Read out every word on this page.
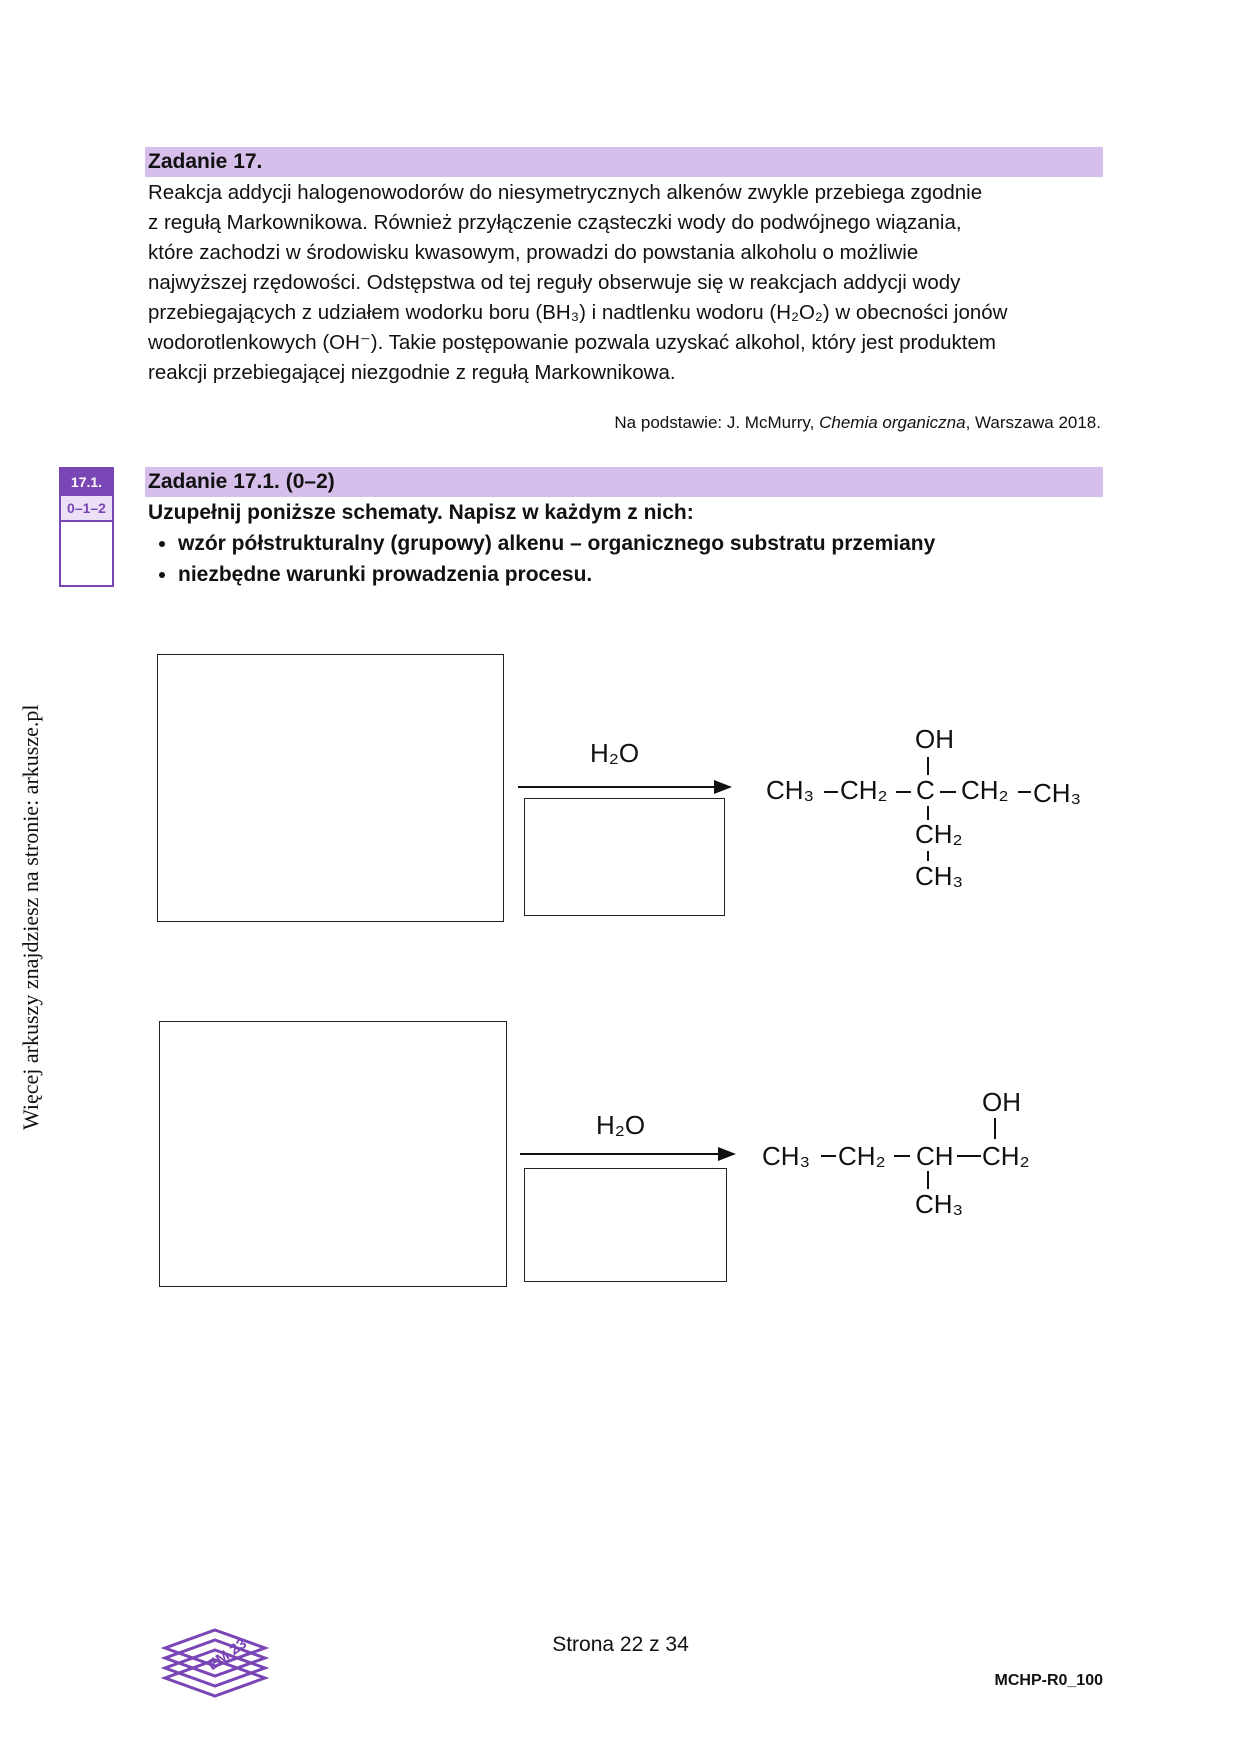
Więcej arkuszy znajdziesz na stronie: arkusze.pl
Zadanie 17.
Reakcja addycji halogenowodorów do niesymetrycznych alkenów zwykle przebiega zgodnie
z regułą Markownikowa. Również przyłączenie cząsteczki wody do podwójnego wiązania,
które zachodzi w środowisku kwasowym, prowadzi do powstania alkoholu o możliwie
najwyższej rzędowości. Odstępstwa od tej reguły obserwuje się w reakcjach addycji wody
przebiegających z udziałem wodorku boru (BH₃) i nadtlenku wodoru (H₂O₂) w obecności jonów
wodorotlenkowych (OH⁻). Takie postępowanie pozwala uzyskać alkohol, który jest produktem
reakcji przebiegającej niezgodnie z regułą Markownikowa.
Na podstawie: J. McMurry, Chemia organiczna, Warszawa 2018.
17.1.
0–1–2
Zadanie 17.1. (0–2)
Uzupełnij poniższe schematy. Napisz w każdym z nich:
• wzór półstrukturalny (grupowy) alkenu – organicznego substratu przemiany
• niezbędne warunki prowadzenia procesu.
H₂O	OH
CH₃ CH₂ C CH₂ CH₃
CH₂
CH₃
H₂O
OH
CH₃ CH₂ CH CH₂
CH₃
EM 23	Strona 22 z 34
MCHP-R0_100
